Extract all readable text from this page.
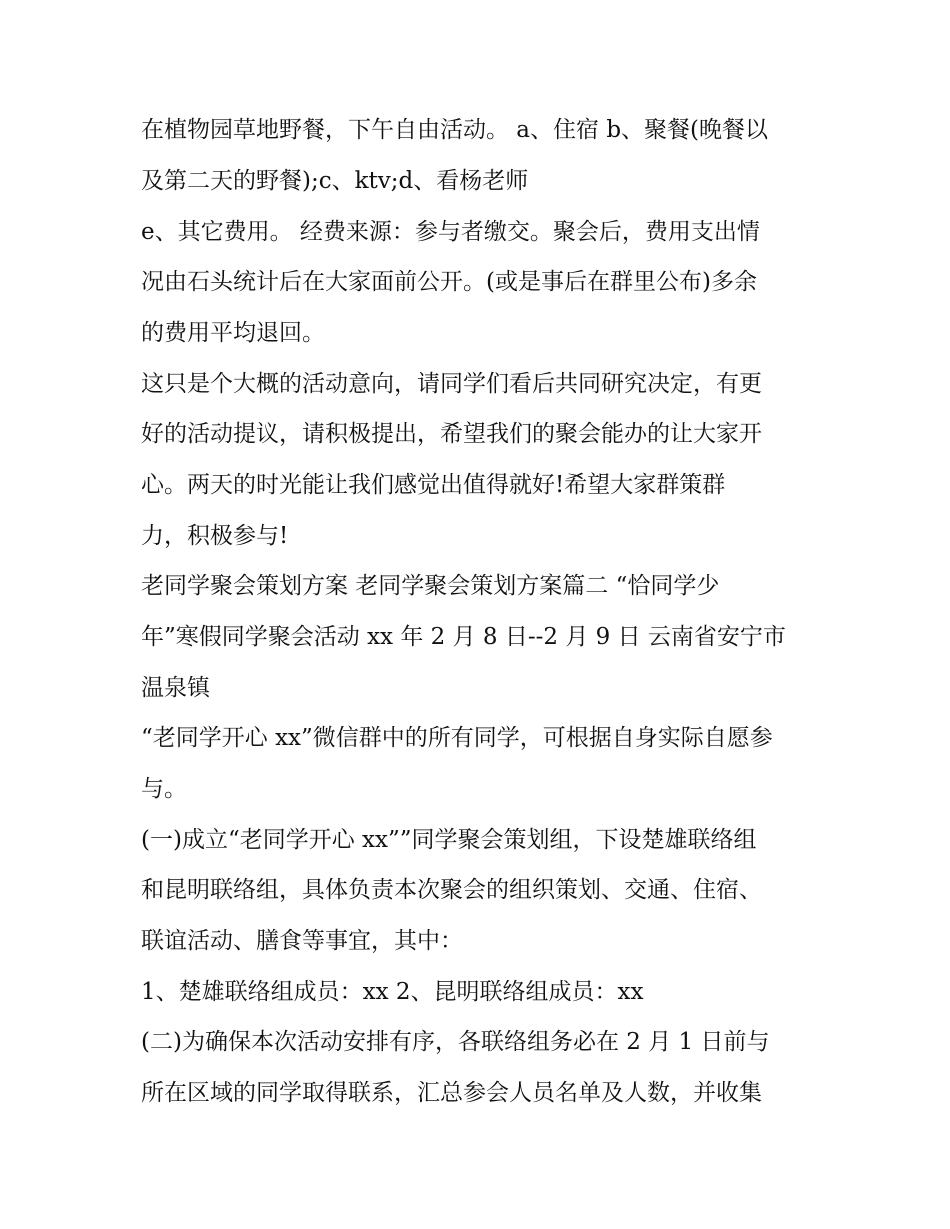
在植物园草地野餐，下午自由活动。 a、住宿 b、聚餐(晚餐以
及第二天的野餐);c、ktv;d、看杨老师
e、其它费用。 经费来源：参与者缴交。聚会后，费用支出情
况由石头统计后在大家面前公开。(或是事后在群里公布)多余
的费用平均退回。
这只是个大概的活动意向，请同学们看后共同研究决定，有更
好的活动提议，请积极提出，希望我们的聚会能办的让大家开
心。两天的时光能让我们感觉出值得就好!希望大家群策群
力，积极参与!
老同学聚会策划方案 老同学聚会策划方案篇二 “恰同学少
年”寒假同学聚会活动 xx 年 2 月 8 日--2 月 9 日 云南省安宁市
温泉镇
“老同学开心 xx”微信群中的所有同学，可根据自身实际自愿参
与。
(一)成立“老同学开心 xx””同学聚会策划组，下设楚雄联络组
和昆明联络组，具体负责本次聚会的组织策划、交通、住宿、
联谊活动、膳食等事宜，其中：
1、楚雄联络组成员：xx 2、昆明联络组成员：xx
(二)为确保本次活动安排有序，各联络组务必在 2 月 1 日前与
所在区域的同学取得联系，汇总参会人员名单及人数，并收集
